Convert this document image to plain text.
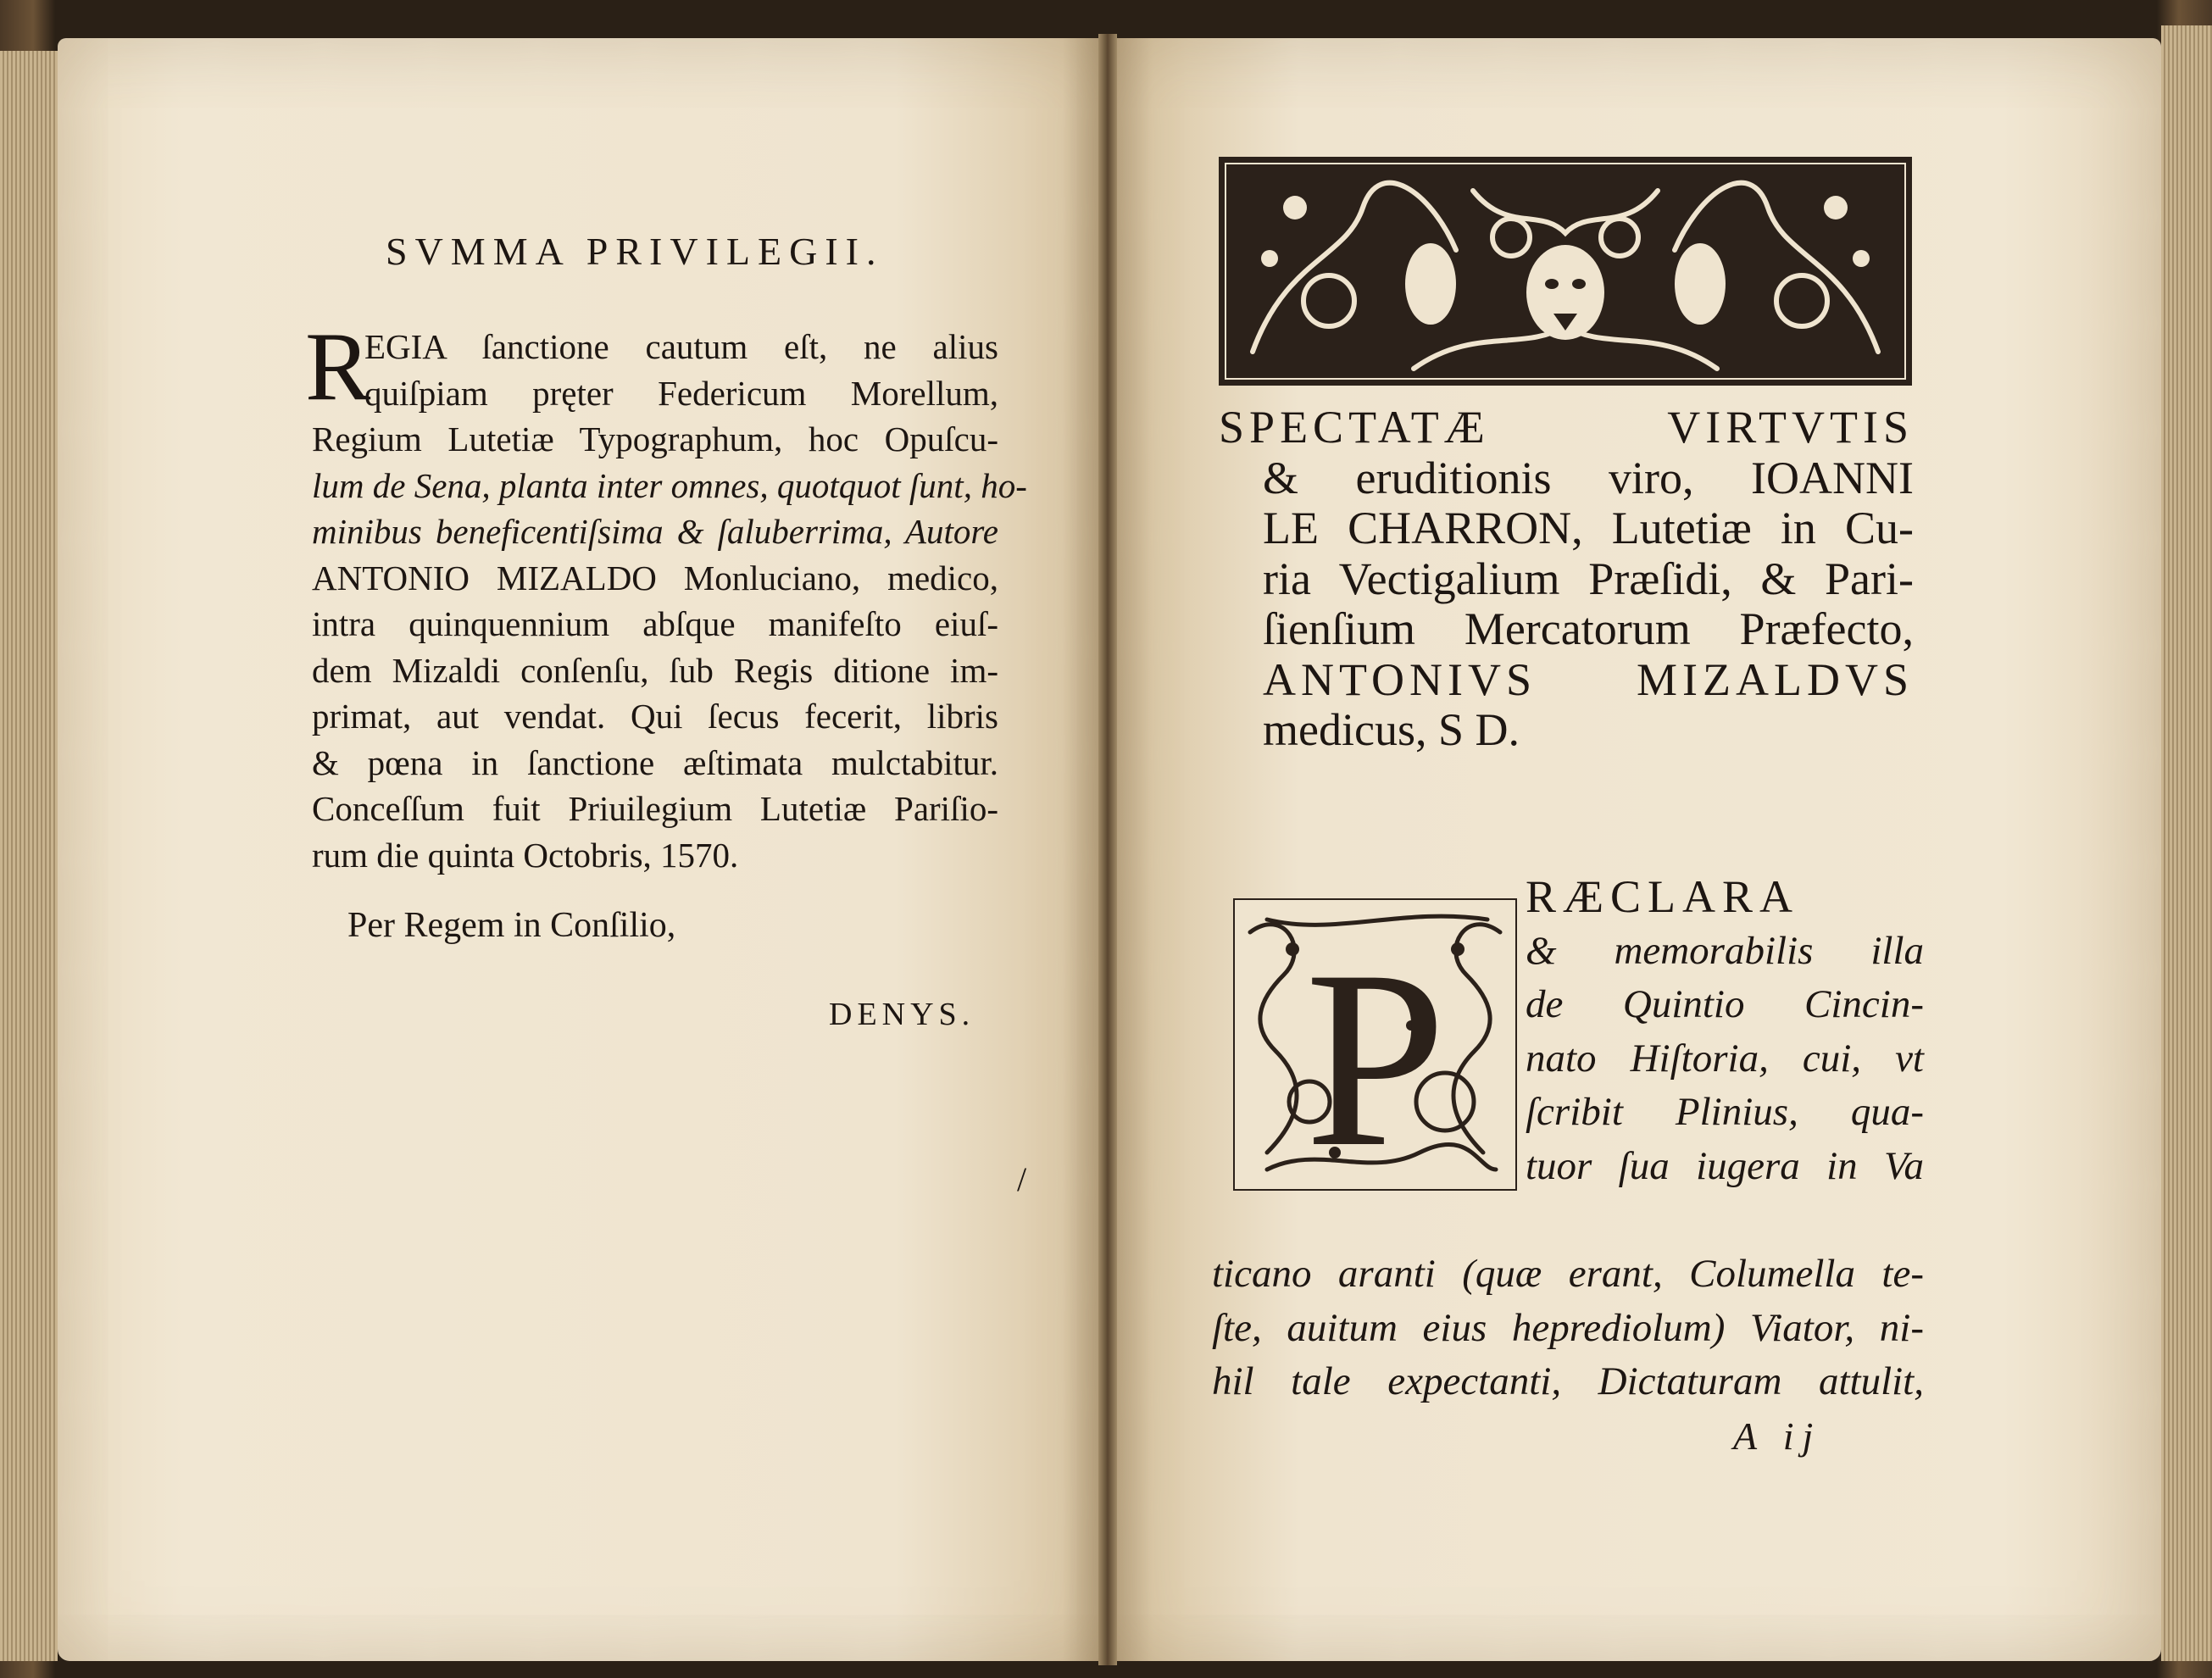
SVMMA PRIVILEGII.
R
EGIA ſanctione cautum eſt, ne alius
quiſpiam pręter Federicum Morellum,
Regium Lutetiæ Typographum, hoc Opuſcu-
lum de Sena, planta inter omnes, quotquot ſunt, ho-
minibus beneficentiſsima & ſaluberrima, Autore
ANTONIO MIZALDO Monluciano, medico,
intra quinquennium abſque manifeſto eiuſ-
dem Mizaldi conſenſu, ſub Regis ditione im-
primat, aut vendat. Qui ſecus fecerit, libris
& pœna in ſanctione æſtimata mulctabitur.
Conceſſum fuit Priuilegium Lutetiæ Pariſio-
rum die quinta Octobris, 1570.
Per Regem in Conſilio,
DENYS.
/
SPECTATÆ VIRTVTIS
& eruditionis viro, IOANNI
LE CHARRON, Lutetiæ in Cu-
ria Vectigalium Præſidi, & Pari-
ſienſium Mercatorum Præfecto,
ANTONIVS MIZALDVS
medicus, S D.
P
RÆCLARA
& memorabilis illa
de Quintio Cincin-
nato Hiſtoria, cui, vt
ſcribit Plinius, qua-
tuor ſua iugera in Va
ticano aranti (quæ erant, Columella te-
ſte, auitum eius heprediolum) Viator, ni-
hil tale expectanti, Dictaturam attulit,
A ij
